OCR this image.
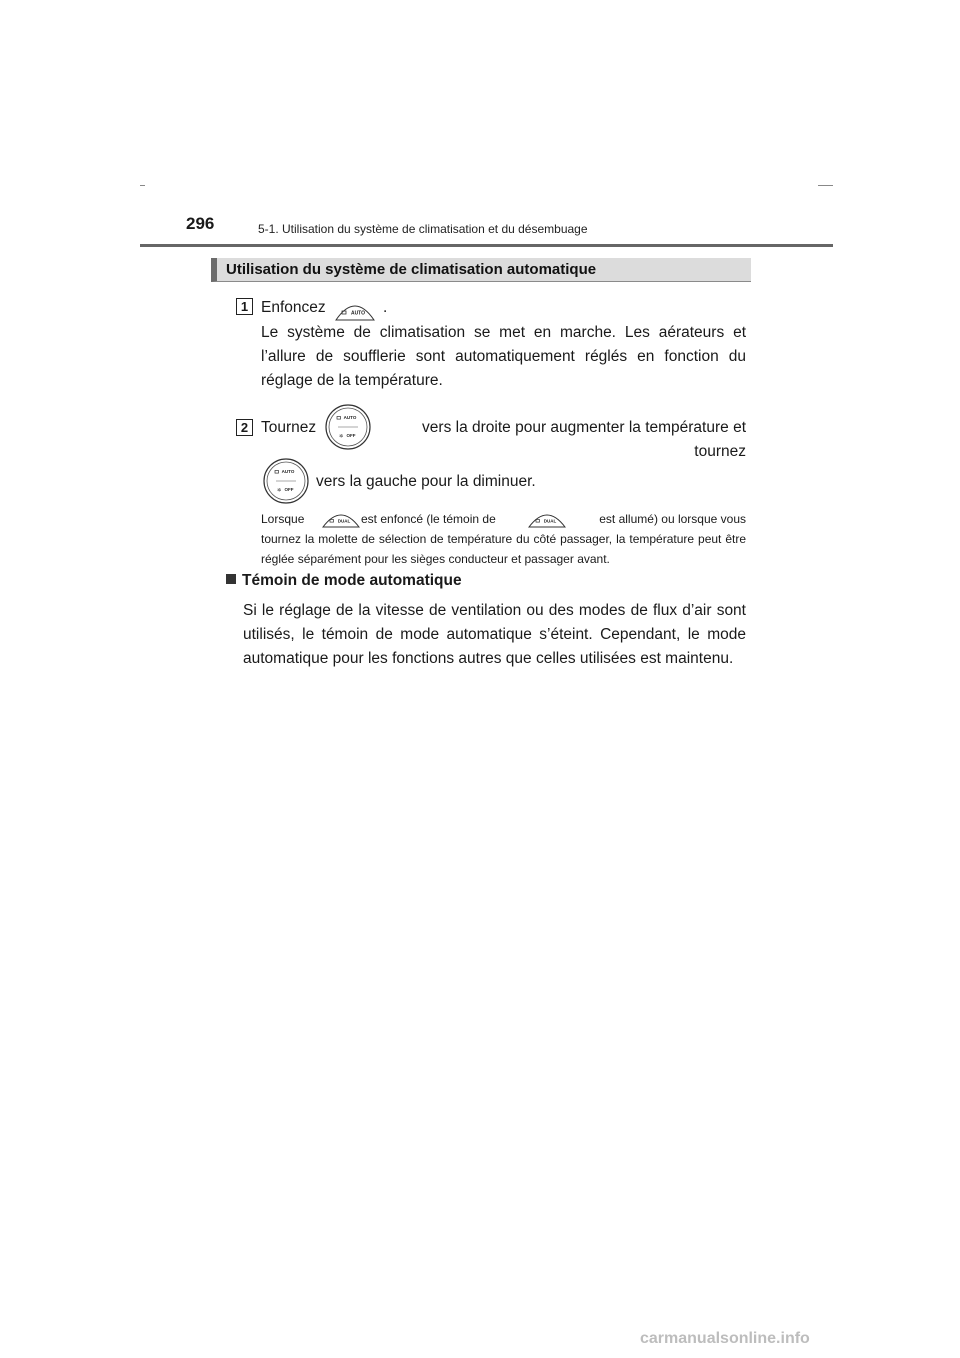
296	5-1. Utilisation du système de climatisation et du désembuage
Utilisation du système de climatisation automatique
1 Enfoncez	AUTO .
Le système de climatisation se met en marche. Les aérateurs et l’allure de soufflerie sont automatiquement réglés en fonction du réglage de la température.
2 Tournez
AUTO
✲ OFF	vers la droite pour augmenter la température et tournez
AUTO
✲ OFF vers la gauche pour la diminuer.
Lorsque	DUAL est enfoncé (le témoin de	DUAL	est allumé) ou lorsque vous
tournez la molette de sélection de température du côté passager, la température peut être réglée séparément pour les sièges conducteur et passager avant.
Témoin de mode automatique
Si le réglage de la vitesse de ventilation ou des modes de flux d’air sont utilisés, le témoin de mode automatique s’éteint. Cependant, le mode automatique pour les fonctions autres que celles utilisées est maintenu.
carmanualsonline.info
